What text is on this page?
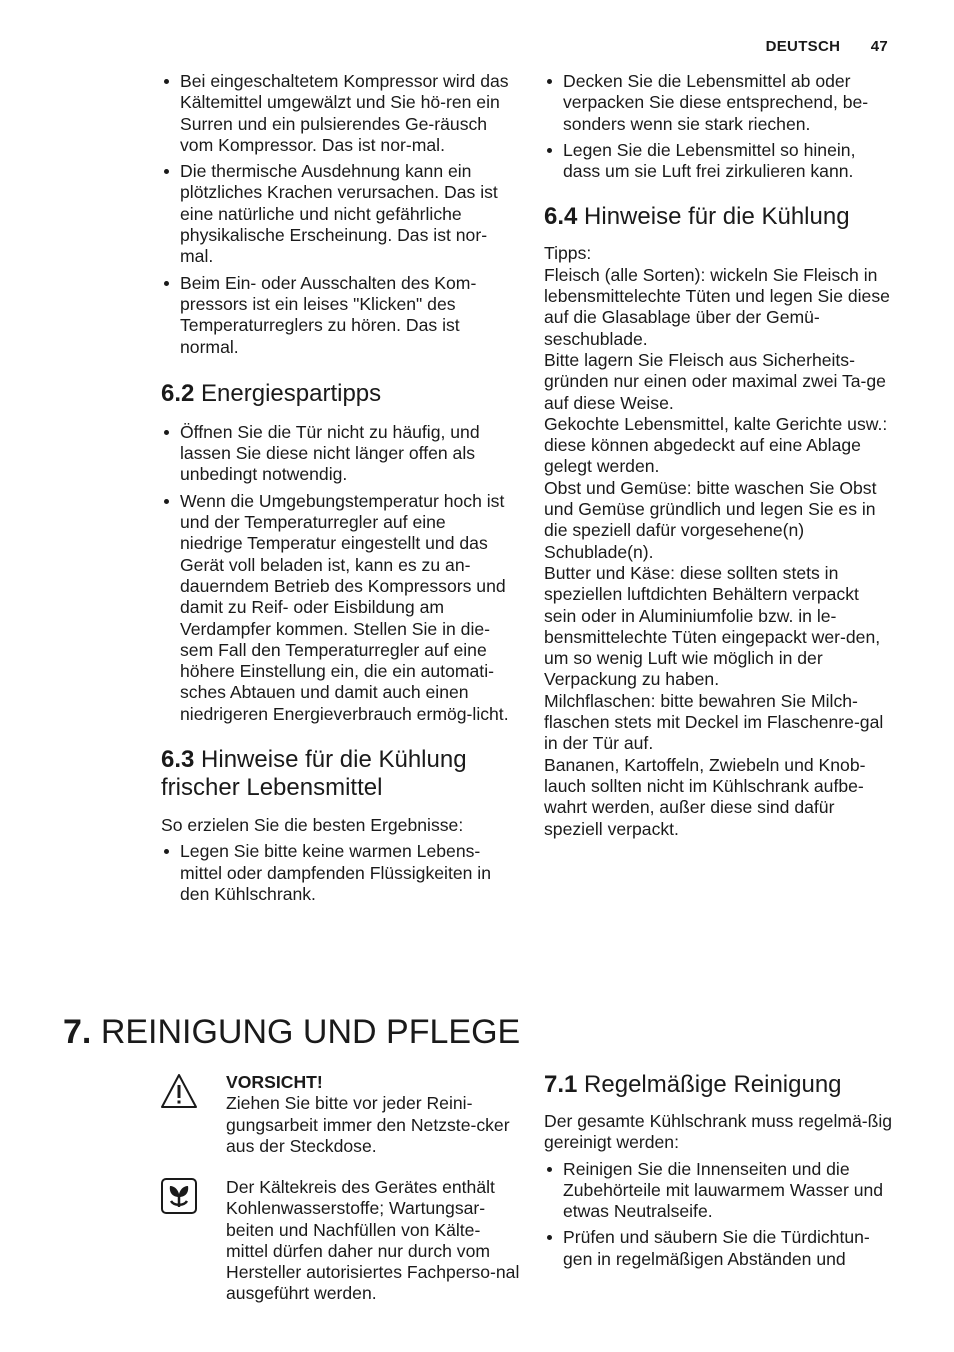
DEUTSCH 47
Bei eingeschaltetem Kompressor wird das Kältemittel umgewälzt und Sie hö-ren ein Surren und ein pulsierendes Ge-räusch vom Kompressor. Das ist nor-mal.
Die thermische Ausdehnung kann ein plötzliches Krachen verursachen. Das ist eine natürliche und nicht gefährliche physikalische Erscheinung. Das ist nor-mal.
Beim Ein- oder Ausschalten des Kom-pressors ist ein leises "Klicken" des Temperaturreglers zu hören. Das ist normal.
6.2 Energiespartipps
Öffnen Sie die Tür nicht zu häufig, und lassen Sie diese nicht länger offen als unbedingt notwendig.
Wenn die Umgebungstemperatur hoch ist und der Temperaturregler auf eine niedrige Temperatur eingestellt und das Gerät voll beladen ist, kann es zu an-dauerndem Betrieb des Kompressors und damit zu Reif- oder Eisbildung am Verdampfer kommen. Stellen Sie in die-sem Fall den Temperaturregler auf eine höhere Einstellung ein, die ein automati-sches Abtauen und damit auch einen niedrigeren Energieverbrauch ermög-licht.
6.3 Hinweise für die Kühlung frischer Lebensmittel

So erzielen Sie die besten Ergebnisse:

Legen Sie bitte keine warmen Lebens-mittel oder dampfenden Flüssigkeiten in den Kühlschrank.
Decken Sie die Lebensmittel ab oder verpacken Sie diese entsprechend, be-sonders wenn sie stark riechen.
Legen Sie die Lebensmittel so hinein, dass um sie Luft frei zirkulieren kann.
6.4 Hinweise für die Kühlung

Tipps:

Fleisch (alle Sorten): wickeln Sie Fleisch in lebensmittelechte Tüten und legen Sie diese auf die Glasablage über der Gemü-seschublade.

Bitte lagern Sie Fleisch aus Sicherheits-gründen nur einen oder maximal zwei Ta-ge auf diese Weise.

Gekochte Lebensmittel, kalte Gerichte usw.: diese können abgedeckt auf eine Ablage gelegt werden.

Obst und Gemüse: bitte waschen Sie Obst und Gemüse gründlich und legen Sie es in die speziell dafür vorgesehene(n) Schublade(n).

Butter und Käse: diese sollten stets in speziellen luftdichten Behältern verpackt sein oder in Aluminiumfolie bzw. in le-bensmittelechte Tüten eingepackt wer-den, um so wenig Luft wie möglich in der Verpackung zu haben.

Milchflaschen: bitte bewahren Sie Milch-flaschen stets mit Deckel im Flaschenre-gal in der Tür auf.

Bananen, Kartoffeln, Zwiebeln und Knob-lauch sollten nicht im Kühlschrank aufbe-wahrt werden, außer diese sind dafür speziell verpackt.

7. REINIGUNG UND PFLEGE
VORSICHT!
Ziehen Sie bitte vor jeder Reini-gungsarbeit immer den Netzste-cker aus der Steckdose.
Der Kältekreis des Gerätes enthält Kohlenwasserstoffe; Wartungsar-beiten und Nachfüllen von Kälte-mittel dürfen daher nur durch vom Hersteller autorisiertes Fachperso-nal ausgeführt werden.
7.1 Regelmäßige Reinigung

Der gesamte Kühlschrank muss regelmä-ßig gereinigt werden:

Reinigen Sie die Innenseiten und die Zubehörteile mit lauwarmem Wasser und etwas Neutralseife.
Prüfen und säubern Sie die Türdichtun-gen in regelmäßigen Abständen und
